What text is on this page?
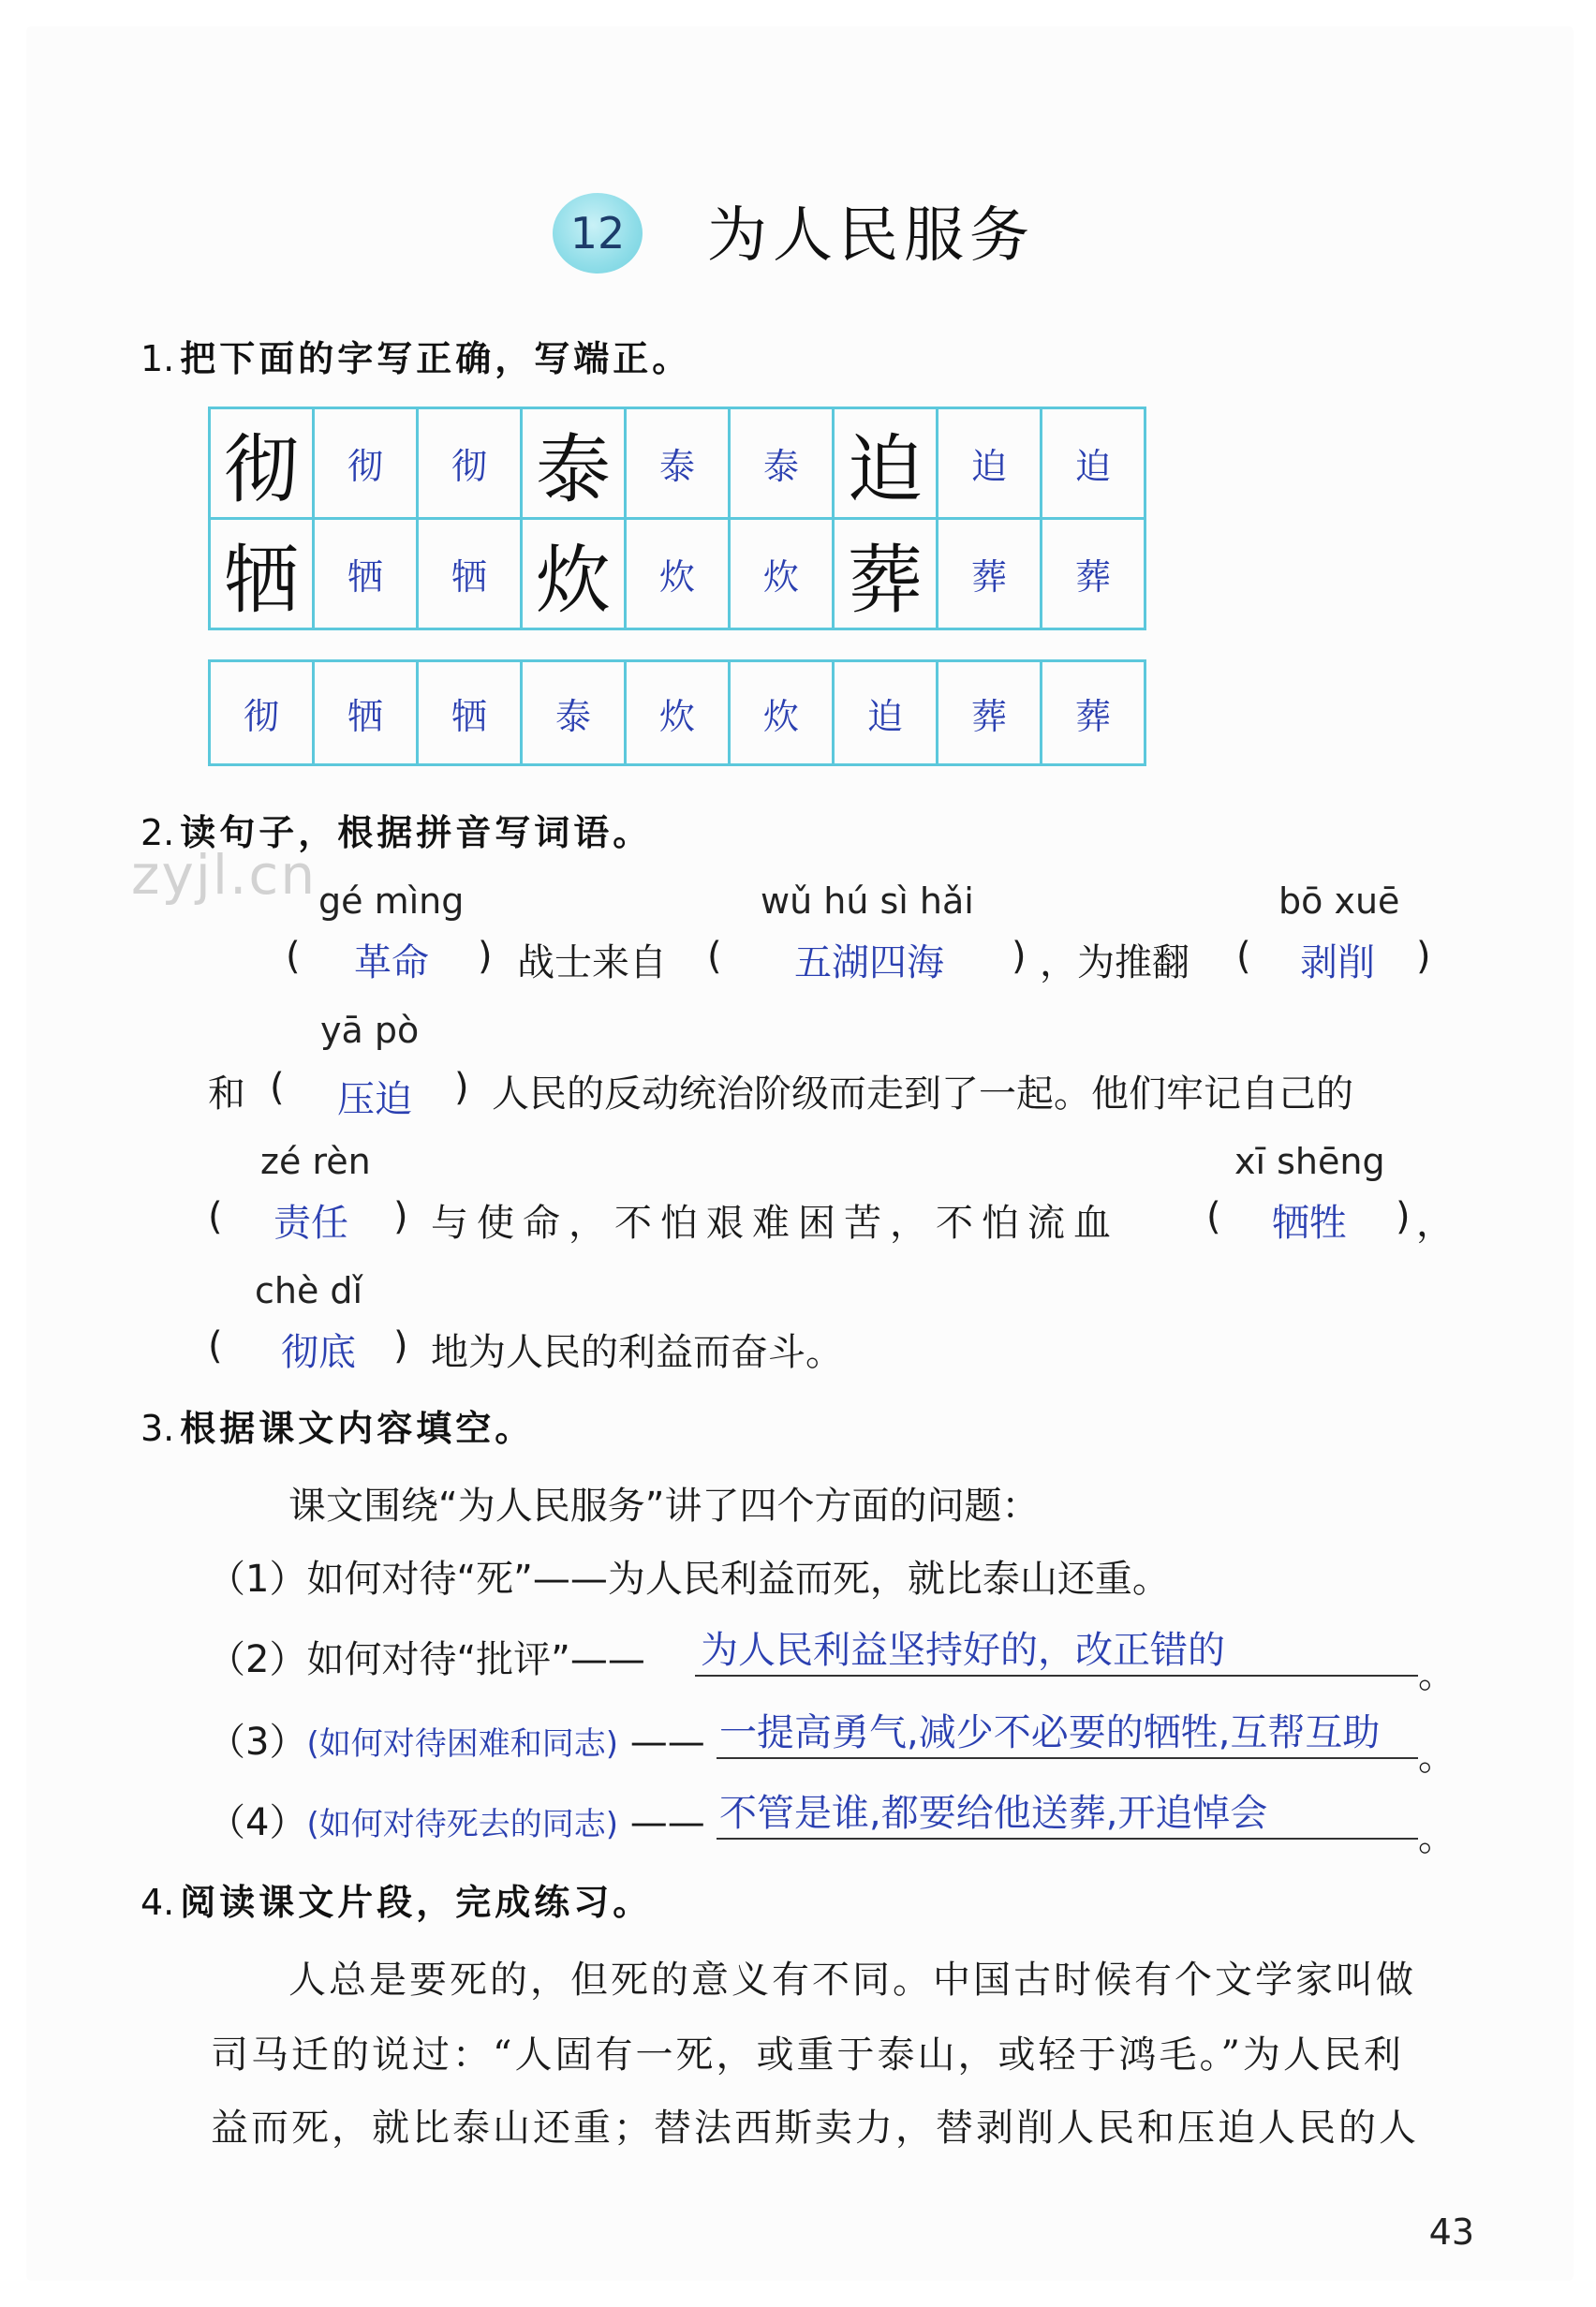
12 为人民服务
1. 把下面的字写正确，写端正。
彻	彻	彻	泰	泰	泰	迫	迫	迫
牺	牺	牺	炊	炊	炊	葬	葬	葬
彻	牺	牺	泰	炊	炊	迫	葬	葬
2. 读句子，根据拼音写词语。
zyjl.cn gé mìng	wǔ hú sì hǎi	bō xuē
( 革命 ) 战士来自 ( 五湖四海 ) ，为推翻 ( 剥削 )
yā pò
和 ( 压迫 ) 人民的反动统治阶级而走到了一起。他们牢记自己的
zé rèn	xī shēng
( 责任 ) 与使命，不怕艰难困苦，不怕流血 ( 牺牲 ) ，
chè dǐ
( 彻底 ) 地为人民的利益而奋斗。
3. 根据课文内容填空。
课文围绕“为人民服务”讲了四个方面的问题：
（1）如何对待“死”——为人民利益而死，就比泰山还重。
（2）如何对待“批评”—— 为人民利益坚持好的，改正错的
。
（3）(如何对待困难和同志) —— 一提高勇气,减少不必要的牺牲,互帮互助
。
（4）(如何对待死去的同志) —— 不管是谁,都要给他送葬,开追悼会
。
4. 阅读课文片段，完成练习。
人总是要死的，但死的意义有不同。中国古时候有个文学家叫做
司马迁的说过：“人固有一死，或重于泰山，或轻于鸿毛。”为人民利
益而死，就比泰山还重；替法西斯卖力，替剥削人民和压迫人民的人
43
